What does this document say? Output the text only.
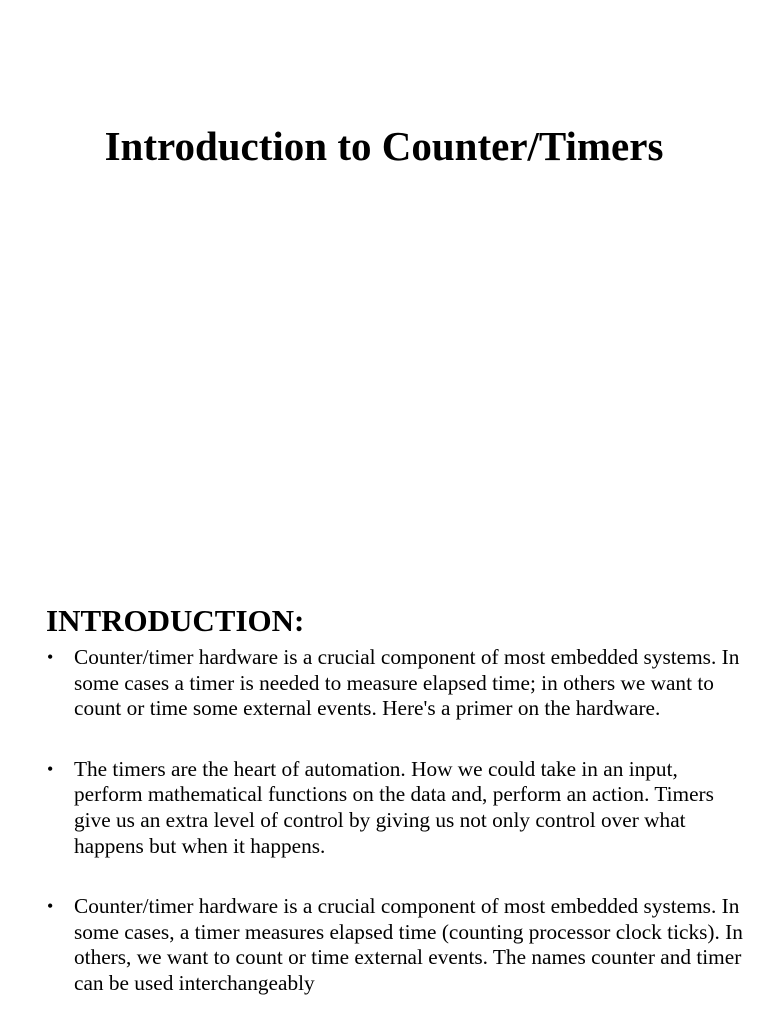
Introduction to Counter/Timers
INTRODUCTION:
• Counter/timer hardware is a crucial component of most embedded systems. In some cases a timer is needed to measure elapsed time; in others we want to count or time some external events. Here's a primer on the hardware.
• The timers are the heart of automation. How we could take in an input, perform mathematical functions on the data and, perform an action. Timers give us an extra level of control by giving us not only control over what happens but when it happens.
• Counter/timer hardware is a crucial component of most embedded systems. In some cases, a timer measures elapsed time (counting processor clock ticks). In others, we want to count or time external events. The names counter and timer can be used interchangeably
